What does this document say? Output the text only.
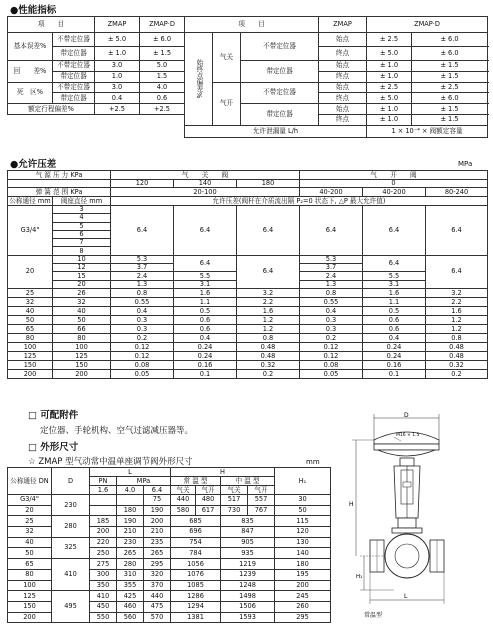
●性能指标
项　　目		ZMAP	ZMAP·D	项　　目			ZMAP	ZMAP·D	
基本误差%	不带定位器	± 5.0	± 6.0	始终点偏差%	气关	不带定位器	始点	± 2.5	± 6.0
	带定位器	± 1.0	± 1.5				终点	± 5.0	± 6.0
回　　差%	不带定位器	3.0	5.0			带定位器	始点	± 1.0	± 1.5
	带定位器	1.0	1.5				终点	± 1.0	± 1.5
死　区%	不带定位器	3.0	4.0		气开	不带定位器	始点	± 2.5	± 2.5
	带定位器	0.4	0.6				终点	± 5.0	± 6.0
额定行程偏差%		+2.5	+2.5			带定位器	始点	± 1.0	± 1.5
							终点	± 1.0	± 1.5
				允许泄漏量 L/h				1 × 10⁻⁴ × 阀额定容量	
●允许压差	MPa
气 源 压 力 KPa		气　　关　　阀			气　　开　　阀		
		120	140	180	0		
弹 簧 范 围 KPa		20-100			40-200	40-200	80-240
公称通径 mm	阀座直径 mm	允许压差(阀杆在介质流出隔 P₂=0 状态下, △P 最大允许值)					
G3/4"	3	6.4	6.4	6.4	6.4	6.4	6.4
	4						
	5						
	6						
	7						
	8						
20	10	5.3	6.4	6.4	5.3	6.4	6.4
	12	3.7			3.7		
	15	2.4	5.5		2.4	5.5	
	20	1.3	3.1		1.3	3.1	
25	26	0.8	1.6	3.2	0.8	1.6	3.2
32	32	0.55	1.1	2.2	0.55	1.1	2.2
40	40	0.4	0.5	1.6	0.4	0.5	1.6
50	50	0.3	0.6	1.2	0.3	0.6	1.2
65	66	0.3	0.6	1.2	0.3	0.6	1.2
80	80	0.2	0.4	0.8	0.2	0.4	0.8
100	100	0.12	0.24	0.48	0.12	0.24	0.48
125	125	0.12	0.24	0.48	0.12	0.24	0.48
150	150	0.08	0.16	0.32	0.08	0.16	0.32
200	200	0.05	0.1	0.2	0.05	0.1	0.2
□ 可配附件
定位器、手轮机构、空气过滤减压器等。
□ 外形尺寸
☆ ZMAP 型气动常中温单座调节阀外形尺寸	mm
公称通径 DN	D	L			H				H₁
		PN	MPa		常 温 型		中 温 型		
		1.6	4.0	6.4	气关	气开	气关	气开	
G3/4"	230			75	440	480	517	557	30
20			180	190	580	617	730	767	50
25	280	185	190	200	685		835		115
32		200	210	210	696		847		120
40	325	220	230	235	754		905		130
50		250	265	265	784		935		140
65	410	275	280	295	1056		1219		180
80		300	310	320	1076		1239		195
100		350	355	370	1085		1248		200
125	495	410	425	440	1286		1498		245
150		450	460	475	1294		1506		260
200		550	560	570	1381		1593		295
D
M16 × 1.5
H
H₁
L
常温型
